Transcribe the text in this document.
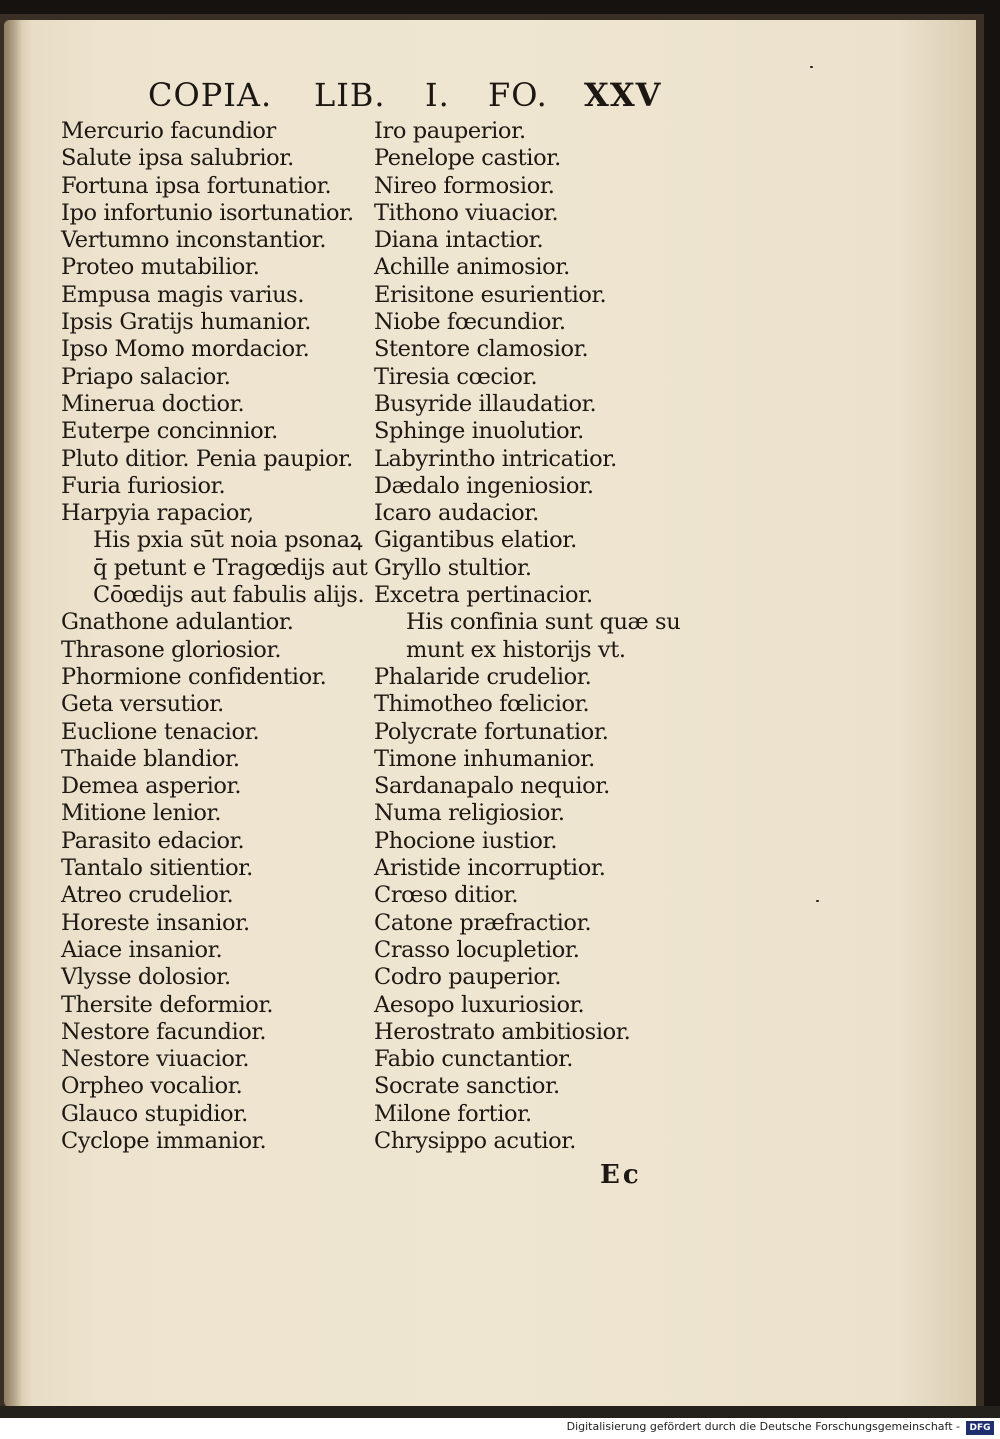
COPIA. LIB. I. FO. XXV
Mercurio facundior
Salute ipsa salubrior.
Fortuna ipsa fortunatior.
Ipo infortunio isortunatior.
Vertumno inconstantior.
Proteo mutabilior.
Empusa magis varius.
Ipsis Gratijs humanior.
Ipso Momo mordacior.
Priapo salacior.
Minerua doctior.
Euterpe concinnior.
Pluto ditior. Penia paupior.
Furia furiosior.
Harpyia rapacior,
His pxia sūt noia psonaꝝ
q̄ petunt e Tragœdijs aut
Cōœdijs aut fabulis alijs.
Gnathone adulantior.
Thrasone gloriosior.
Phormione confidentior.
Geta versutior.
Euclione tenacior.
Thaide blandior.
Demea asperior.
Mitione lenior.
Parasito edacior.
Tantalo sitientior.
Atreo crudelior.
Horeste insanior.
Aiace insanior.
Vlysse dolosior.
Thersite deformior.
Nestore facundior.
Nestore viuacior.
Orpheo vocalior.
Glauco stupidior.
Cyclope immanior.
Iro pauperior.
Penelope castior.
Nireo formosior.
Tithono viuacior.
Diana intactior.
Achille animosior.
Erisitone esurientior.
Niobe fœcundior.
Stentore clamosior.
Tiresia cœcior.
Busyride illaudatior.
Sphinge inuolutior.
Labyrintho intricatior.
Dædalo ingeniosior.
Icaro audacior.
Gigantibus elatior.
Gryllo stultior.
Excetra pertinacior.
His confinia sunt quæ su
munt ex historijs vt.
Phalaride crudelior.
Thimotheo fœlicior.
Polycrate fortunatior.
Timone inhumanior.
Sardanapalo nequior.
Numa religiosior.
Phocione iustior.
Aristide incorruptior.
Crœso ditior.
Catone præfractior.
Crasso locupletior.
Codro pauperior.
Aesopo luxuriosior.
Herostrato ambitiosior.
Fabio cunctantior.
Socrate sanctior.
Milone fortior.
Chrysippo acutior.
Ec
Digitalisierung gefördert durch die Deutsche Forschungsgemeinschaft -	DFG
